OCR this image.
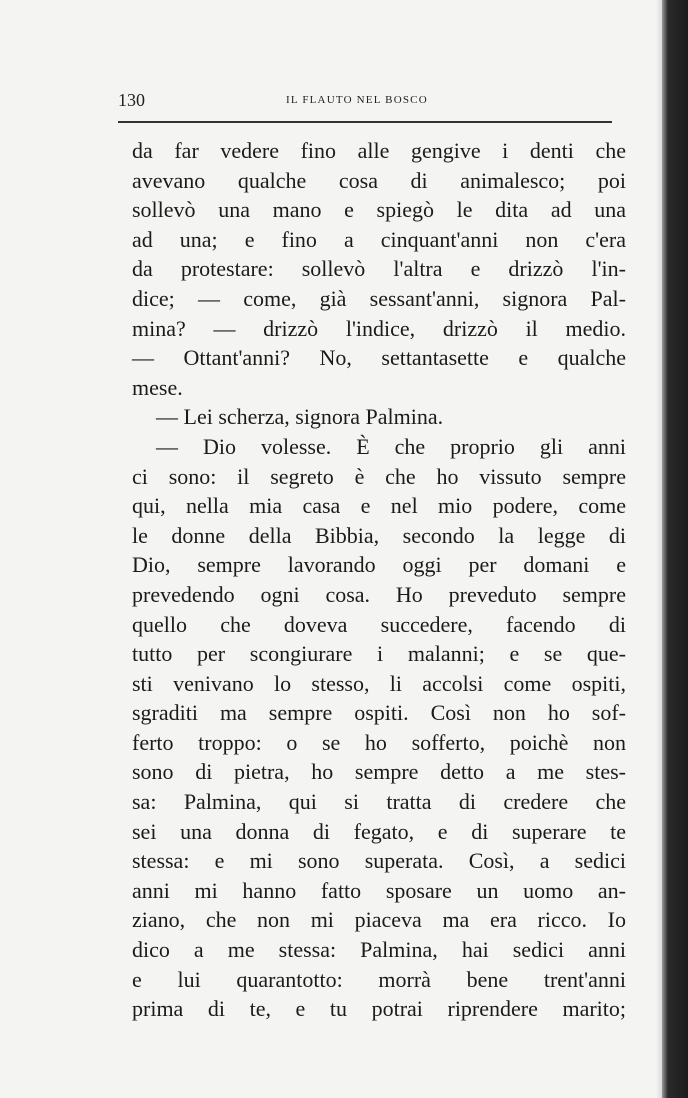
130	IL FLAUTO NEL BOSCO
da far vedere fino alle gengive i denti che
avevano qualche cosa di animalesco; poi
sollevò una mano e spiegò le dita ad una
ad una; e fino a cinquant'anni non c'era
da protestare: sollevò l'altra e drizzò l'in-
dice; — come, già sessant'anni, signora Pal-
mina? — drizzò l'indice, drizzò il medio.
— Ottant'anni? No, settantasette e qualche
mese.
— Lei scherza, signora Palmina.
— Dio volesse. È che proprio gli anni
ci sono: il segreto è che ho vissuto sempre
qui, nella mia casa e nel mio podere, come
le donne della Bibbia, secondo la legge di
Dio, sempre lavorando oggi per domani e
prevedendo ogni cosa. Ho preveduto sempre
quello che doveva succedere, facendo di
tutto per scongiurare i malanni; e se que-
sti venivano lo stesso, li accolsi come ospiti,
sgraditi ma sempre ospiti. Così non ho sof-
ferto troppo: o se ho sofferto, poichè non
sono di pietra, ho sempre detto a me stes-
sa: Palmina, qui si tratta di credere che
sei una donna di fegato, e di superare te
stessa: e mi sono superata. Così, a sedici
anni mi hanno fatto sposare un uomo an-
ziano, che non mi piaceva ma era ricco. Io
dico a me stessa: Palmina, hai sedici anni
e lui quarantotto: morrà bene trent'anni
prima di te, e tu potrai riprendere marito;
